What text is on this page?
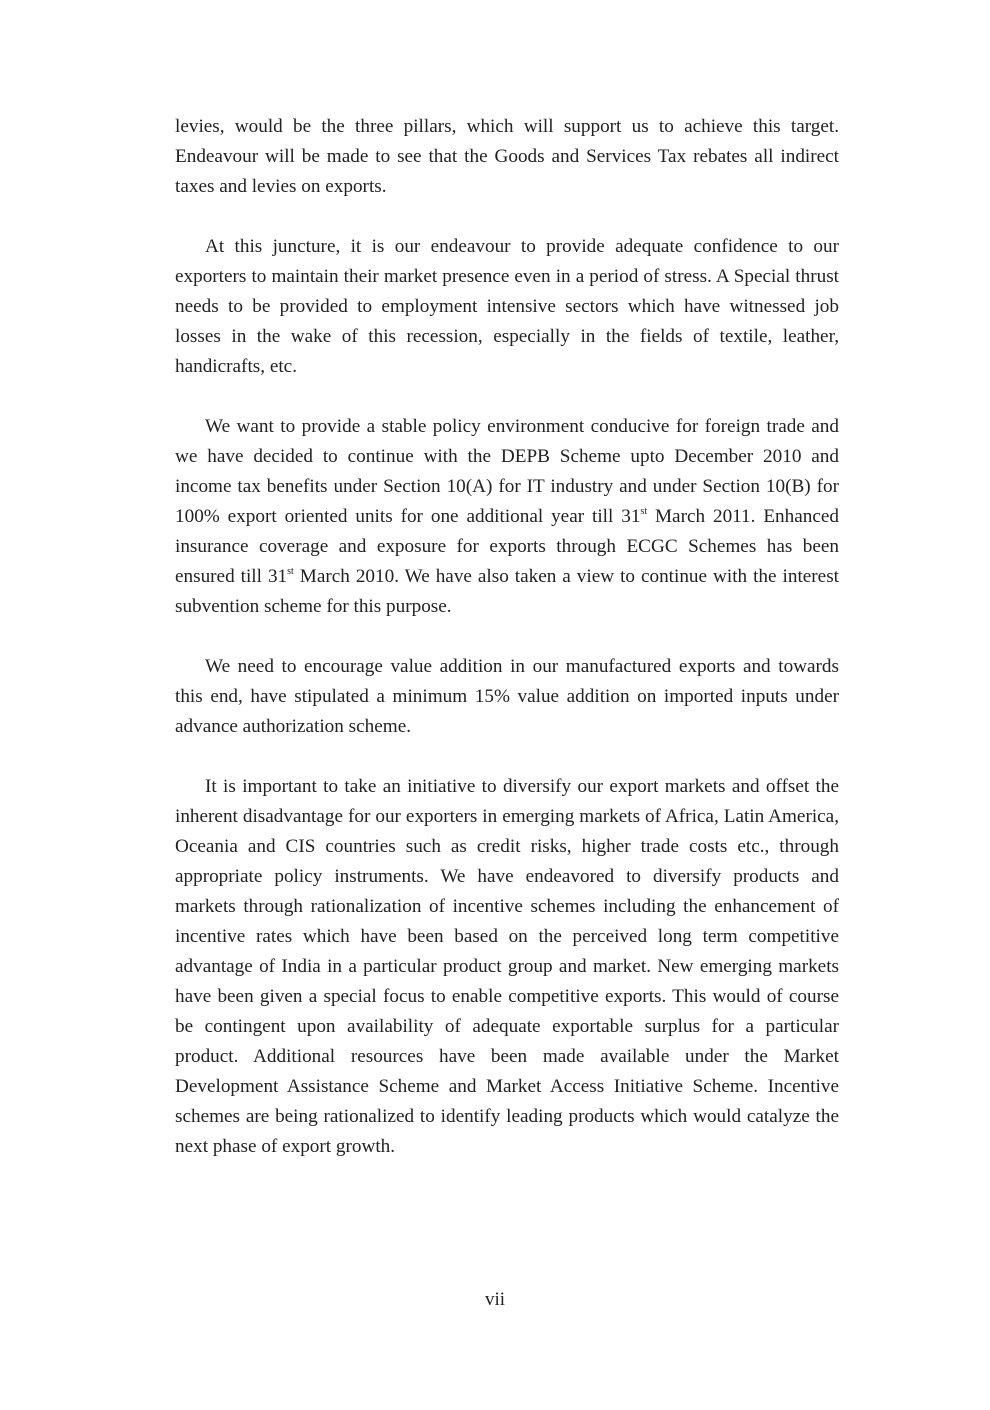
levies, would be the three pillars, which will support us to achieve this target. Endeavour will be made to see that the Goods and Services Tax rebates all indirect taxes and levies on exports.

At this juncture, it is our endeavour to provide adequate confidence to our exporters to maintain their market presence even in a period of stress. A Special thrust needs to be provided to employment intensive sectors which have witnessed job losses in the wake of this recession, especially in the fields of textile, leather, handicrafts, etc.

We want to provide a stable policy environment conducive for foreign trade and we have decided to continue with the DEPB Scheme upto December 2010 and income tax benefits under Section 10(A) for IT industry and under Section 10(B) for 100% export oriented units for one additional year till 31st March 2011. Enhanced insurance coverage and exposure for exports through ECGC Schemes has been ensured till 31st March 2010. We have also taken a view to continue with the interest subvention scheme for this purpose.

We need to encourage value addition in our manufactured exports and towards this end, have stipulated a minimum 15% value addition on imported inputs under advance authorization scheme.

It is important to take an initiative to diversify our export markets and offset the inherent disadvantage for our exporters in emerging markets of Africa, Latin America, Oceania and CIS countries such as credit risks, higher trade costs etc., through appropriate policy instruments. We have endeavored to diversify products and markets through rationalization of incentive schemes including the enhancement of incentive rates which have been based on the perceived long term competitive advantage of India in a particular product group and market. New emerging markets have been given a special focus to enable competitive exports. This would of course be contingent upon availability of adequate exportable surplus for a particular product. Additional resources have been made available under the Market Development Assistance Scheme and Market Access Initiative Scheme. Incentive schemes are being rationalized to identify leading products which would catalyze the next phase of export growth.

vii
